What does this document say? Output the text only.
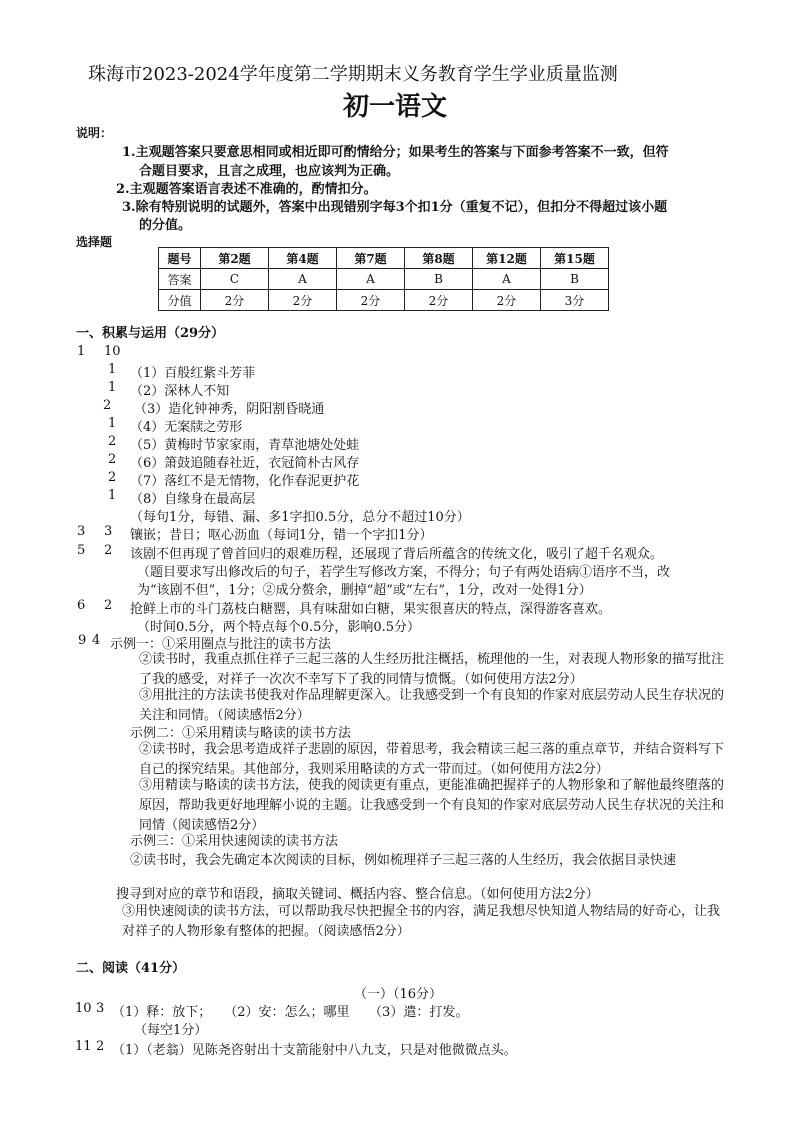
珠海市2023-2024学年度第二学期期末义务教育学生学业质量监测
初一语文
说明：
1.主观题答案只要意思相同或相近即可酌情给分；如果考生的答案与下面参考答案不一致，但符
合题目要求，且言之成理，也应该判为正确。
2.主观题答案语言表述不准确的，酌情扣分。
3.除有特别说明的试题外，答案中出现错别字每3个扣1分（重复不记），但扣分不得超过该小题
的分值。
选择题
题号	第2题	第4题	第7题	第8题	第12题	第15题
答案	C	A	A	B	A	B
分值	2分	2分	2分	2分	2分	3分
一、积累与运用（29分）
1 10
1 （1）百般红紫斗芳菲
1 （2）深林人不知
2 （3）造化钟神秀，阴阳割昏晓通
1 （4）无案牍之劳形
2 （5）黄梅时节家家雨，青草池塘处处蛙
2 （6）箫鼓追随春社近，衣冠简朴古风存
2 （7）落红不是无情物，化作春泥更护花
1 （8）自缘身在最高层
（每句1分，每错、漏、多1字扣0.5分，总分不超过10分）
3 3 镶嵌；昔日；呕心沥血（每词1分，错一个字扣1分）
5 2 该剧不但再现了曾首回归的艰难历程，还展现了背后所蕴含的传统文化，吸引了超千名观众。
（题目要求写出修改后的句子，若学生写修改方案，不得分；句子有两处语病①语序不当，改
为“该剧不但”，1分；②成分赘余，删掉“超”或“左右”，1分，改对一处得1分）
6 2 抢鲜上市的斗门荔枝白糖罂，具有味甜如白糖，果实很喜庆的特点，深得游客喜欢。
（时间0.5分，两个特点每个0.5分，影响0.5分）
9 4 示例一：①采用圈点与批注的读书方法
②读书时，我重点抓住祥子三起三落的人生经历批注概括，梳理他的一生，对表现人物形象的描写批注了我的感受，对祥子一次次不幸写下了我的同情与愤慨。（如何使用方法2分）
③用批注的方法读书使我对作品理解更深入。让我感受到一个有良知的作家对底层劳动人民生存状况的关注和同情。（阅读感悟2分）
示例二：①采用精读与略读的读书方法
②读书时，我会思考造成祥子悲剧的原因，带着思考，我会精读三起三落的重点章节，并结合资料写下自己的探究结果。其他部分，我则采用略读的方式一带而过。（如何使用方法2分）
③用精读与略读的读书方法，使我的阅读更有重点，更能准确把握祥子的人物形象和了解他最终堕落的原因，帮助我更好地理解小说的主题。让我感受到一个有良知的作家对底层劳动人民生存状况的关注和同情（阅读感悟2分）
示例三：①采用快速阅读的读书方法
②读书时，我会先确定本次阅读的目标，例如梳理祥子三起三落的人生经历，我会依据目录快速
搜寻到对应的章节和语段，摘取关键词、概括内容、整合信息。（如何使用方法2分）
③用快速阅读的读书方法，可以帮助我尽快把握全书的内容，满足我想尽快知道人物结局的好奇心，让我对祥子的人物形象有整体的把握。（阅读感悟2分）
二、阅读（41分）
（一）（16分）
10 3 （1）释：放下；　　（2）安：怎么；哪里　　（3）遣：打发。
（每空1分）
11 2 （1）（老翁）见陈尧咨射出十支箭能射中八九支，只是对他微微点头。
